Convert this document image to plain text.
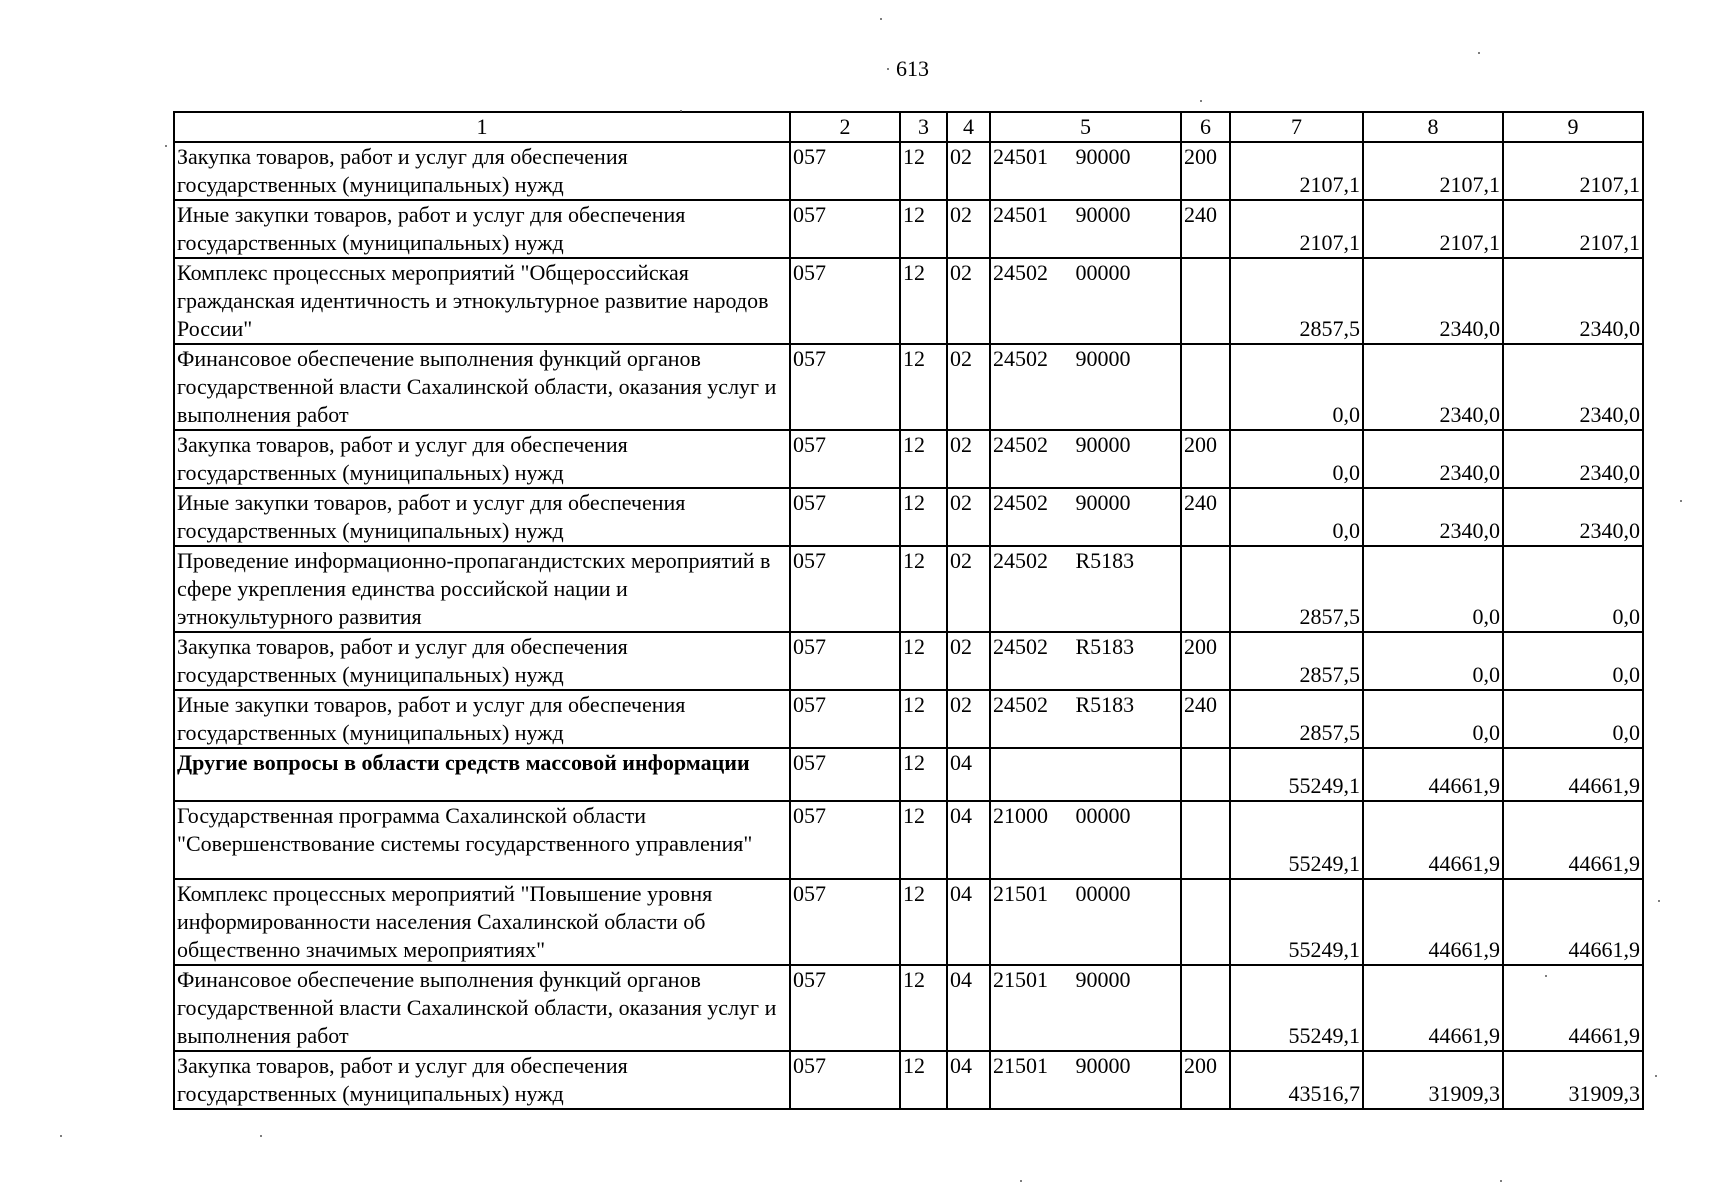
613
1	2	3	4	5	6	7	8	9
Закупка товаров, работ и услуг для обеспечения государственных (муниципальных) нужд	057	12	02	24501     90000	200	2107,1	2107,1	2107,1
Иные закупки товаров, работ и услуг для обеспечения государственных (муниципальных) нужд	057	12	02	24501     90000	240	2107,1	2107,1	2107,1
Комплекс процессных мероприятий "Общероссийская гражданская идентичность и этнокультурное развитие народов России"	057	12	02	24502     00000		2857,5	2340,0	2340,0
Финансовое обеспечение выполнения функций органов государственной власти Сахалинской области, оказания услуг и выполнения работ	057	12	02	24502     90000		0,0	2340,0	2340,0
Закупка товаров, работ и услуг для обеспечения государственных (муниципальных) нужд	057	12	02	24502     90000	200	0,0	2340,0	2340,0
Иные закупки товаров, работ и услуг для обеспечения государственных (муниципальных) нужд	057	12	02	24502     90000	240	0,0	2340,0	2340,0
Проведение информационно-пропагандистских мероприятий в сфере укрепления единства российской нации и этнокультурного развития	057	12	02	24502     R5183		2857,5	0,0	0,0
Закупка товаров, работ и услуг для обеспечения государственных (муниципальных) нужд	057	12	02	24502     R5183	200	2857,5	0,0	0,0
Иные закупки товаров, работ и услуг для обеспечения государственных (муниципальных) нужд	057	12	02	24502     R5183	240	2857,5	0,0	0,0
Другие вопросы в области средств массовой информации	057	12	04			55249,1	44661,9	44661,9
Государственная программа Сахалинской области "Совершенствование системы государственного управления"	057	12	04	21000     00000		55249,1	44661,9	44661,9
Комплекс процессных мероприятий "Повышение уровня информированности населения Сахалинской области об общественно значимых мероприятиях"	057	12	04	21501     00000		55249,1	44661,9	44661,9
Финансовое обеспечение выполнения функций органов государственной власти Сахалинской области, оказания услуг и выполнения работ	057	12	04	21501     90000		55249,1	44661,9	44661,9
Закупка товаров, работ и услуг для обеспечения государственных (муниципальных) нужд	057	12	04	21501     90000	200	43516,7	31909,3	31909,3
